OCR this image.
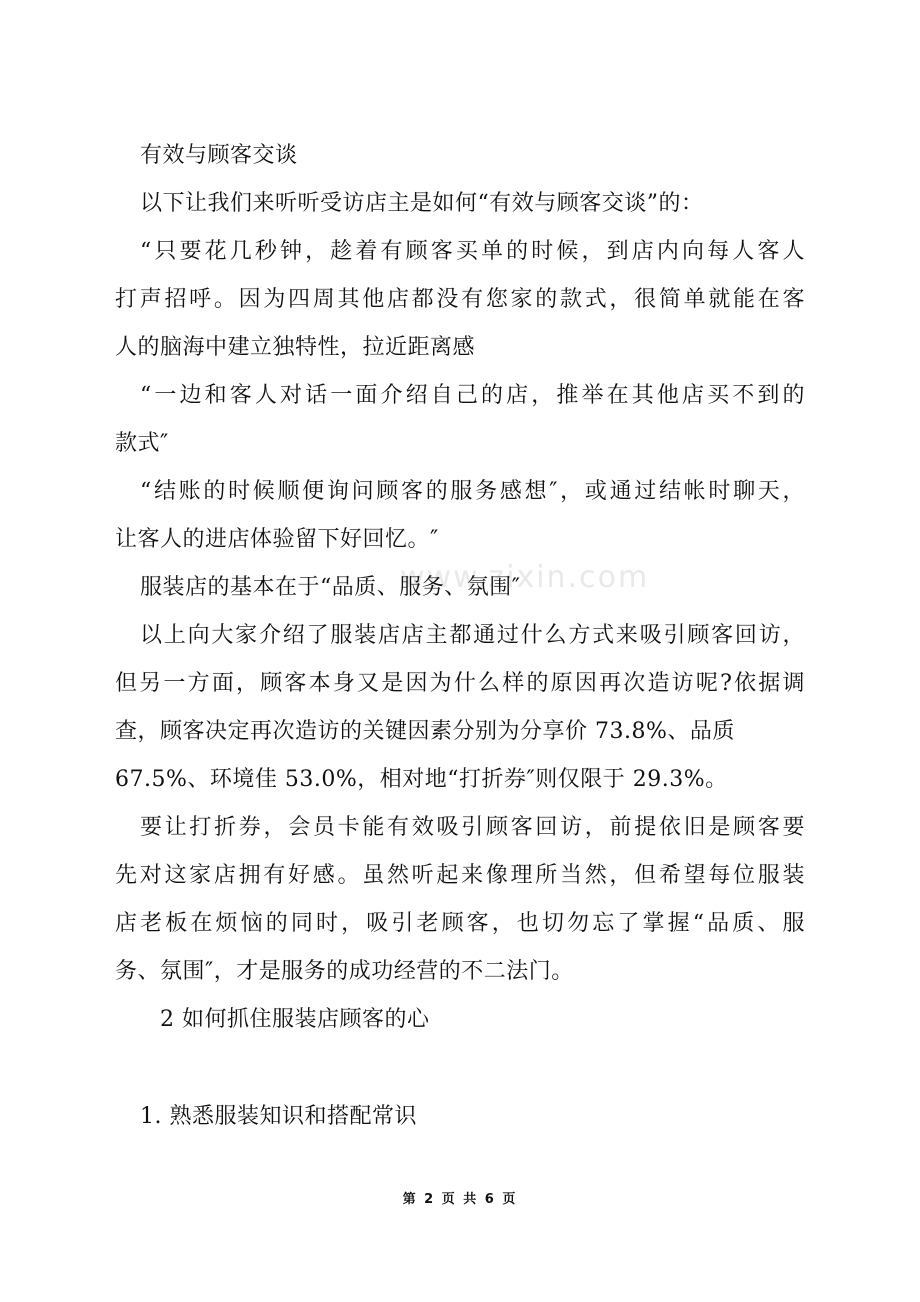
www.zixin.com
有效与顾客交谈
以下让我们来听听受访店主是如何“有效与顾客交谈”的：
“只要花几秒钟，趁着有顾客买单的时候，到店内向每人客人
打声招呼。因为四周其他店都没有您家的款式，很简单就能在客
人的脑海中建立独特性，拉近距离感
“一边和客人对话一面介绍自己的店，推举在其他店买不到的
款式″
“结账的时候顺便询问顾客的服务感想″，或通过结帐时聊天，
让客人的进店体验留下好回忆。″
服装店的基本在于“品质、服务、氛围″
以上向大家介绍了服装店店主都通过什么方式来吸引顾客回访，
但另一方面，顾客本身又是因为什么样的原因再次造访呢?依据调
查，顾客决定再次造访的关键因素分别为分享价 73.8%、品质
67.5%、环境佳 53.0%，相对地“打折券″则仅限于 29.3%。
要让打折券，会员卡能有效吸引顾客回访，前提依旧是顾客要
先对这家店拥有好感。虽然听起来像理所当然，但希望每位服装
店老板在烦恼的同时，吸引老顾客，也切勿忘了掌握“品质、服
务、氛围″，才是服务的成功经营的不二法门。
2 如何抓住服装店顾客的心
1. 熟悉服装知识和搭配常识
第 2 页 共 6 页
